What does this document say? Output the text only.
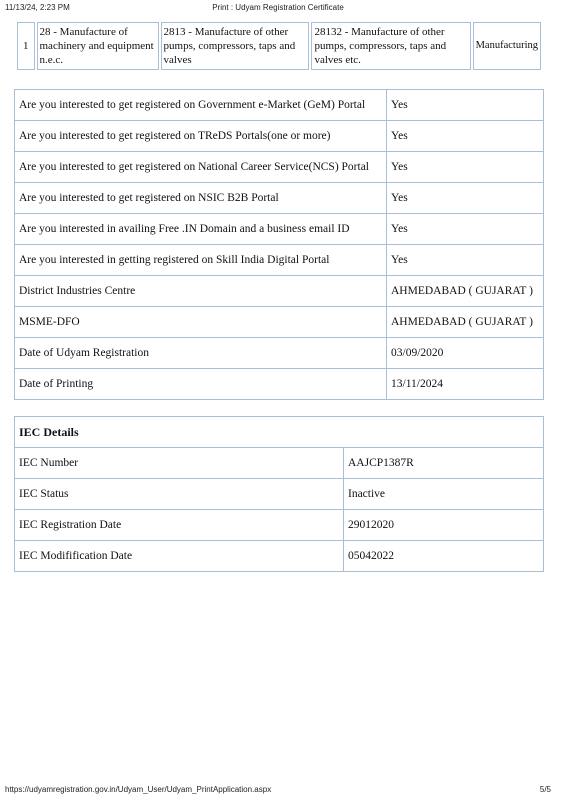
11/13/24, 2:23 PM	Print : Udyam Registration Certificate
1	28 - Manufacture of machinery and equipment n.e.c.	2813 - Manufacture of other pumps, compressors, taps and valves	28132 - Manufacture of other pumps, compressors, taps and valves etc.	Manufacturing
Are you interested to get registered on Government e-Market (GeM) Portal	Yes
Are you interested to get registered on TReDS Portals(one or more)	Yes
Are you interested to get registered on National Career Service(NCS) Portal	Yes
Are you interested to get registered on NSIC B2B Portal	Yes
Are you interested in availing Free .IN Domain and a business email ID	Yes
Are you interested in getting registered on Skill India Digital Portal	Yes
District Industries Centre	AHMEDABAD ( GUJARAT )
MSME-DFO	AHMEDABAD ( GUJARAT )
Date of Udyam Registration	03/09/2020
Date of Printing	13/11/2024
IEC Details	
IEC Number	AAJCP1387R
IEC Status	Inactive
IEC Registration Date	29012020
IEC Modifification Date	05042022
https://udyamregistration.gov.in/Udyam_User/Udyam_PrintApplication.aspx	5/5
